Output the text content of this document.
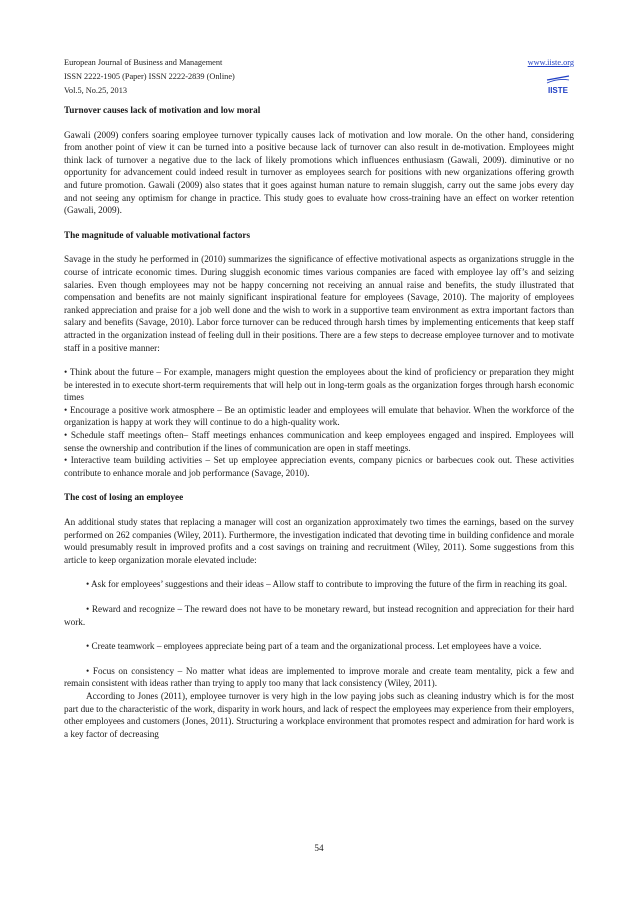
European Journal of Business and Management
ISSN 2222-1905 (Paper) ISSN 2222-2839 (Online)
Vol.5, No.25, 2013
www.iiste.org
IISTE
Turnover causes lack of motivation and low moral

Gawali (2009) confers soaring employee turnover typically causes lack of motivation and low morale. On the other hand, considering from another point of view it can be turned into a positive because lack of turnover can also result in de-motivation. Employees might think lack of turnover a negative due to the lack of likely promotions which influences enthusiasm (Gawali, 2009). diminutive or no opportunity for advancement could indeed result in turnover as employees search for positions with new organizations offering growth and future promotion. Gawali (2009) also states that it goes against human nature to remain sluggish, carry out the same jobs every day and not seeing any optimism for change in practice. This study goes to evaluate how cross-training have an effect on worker retention (Gawali, 2009).

The magnitude of valuable motivational factors

Savage in the study he performed in (2010) summarizes the significance of effective motivational aspects as organizations struggle in the course of intricate economic times. During sluggish economic times various companies are faced with employee lay off’s and seizing salaries. Even though employees may not be happy concerning not receiving an annual raise and benefits, the study illustrated that compensation and benefits are not mainly significant inspirational feature for employees (Savage, 2010). The majority of employees ranked appreciation and praise for a job well done and the wish to work in a supportive team environment as extra important factors than salary and benefits (Savage, 2010). Labor force turnover can be reduced through harsh times by implementing enticements that keep staff attracted in the organization instead of feeling dull in their positions. There are a few steps to decrease employee turnover and to motivate staff in a positive manner:

• Think about the future – For example, managers might question the employees about the kind of proficiency or preparation they might be interested in to execute short-term requirements that will help out in long-term goals as the organization forges through harsh economic times

• Encourage a positive work atmosphere – Be an optimistic leader and employees will emulate that behavior. When the workforce of the organization is happy at work they will continue to do a high-quality work.

• Schedule staff meetings often– Staff meetings enhances communication and keep employees engaged and inspired. Employees will sense the ownership and contribution if the lines of communication are open in staff meetings.

• Interactive team building activities – Set up employee appreciation events, company picnics or barbecues cook out. These activities contribute to enhance morale and job performance (Savage, 2010).

The cost of losing an employee

An additional study states that replacing a manager will cost an organization approximately two times the earnings, based on the survey performed on 262 companies (Wiley, 2011). Furthermore, the investigation indicated that devoting time in building confidence and morale would presumably result in improved profits and a cost savings on training and recruitment (Wiley, 2011). Some suggestions from this article to keep organization morale elevated include:

• Ask for employees’ suggestions and their ideas – Allow staff to contribute to improving the future of the firm in reaching its goal.

• Reward and recognize – The reward does not have to be monetary reward, but instead recognition and appreciation for their hard work.

• Create teamwork – employees appreciate being part of a team and the organizational process. Let employees have a voice.

• Focus on consistency – No matter what ideas are implemented to improve morale and create team mentality, pick a few and remain consistent with ideas rather than trying to apply too many that lack consistency (Wiley, 2011).

According to Jones (2011), employee turnover is very high in the low paying jobs such as cleaning industry which is for the most part due to the characteristic of the work, disparity in work hours, and lack of respect the employees may experience from their employers, other employees and customers (Jones, 2011). Structuring a workplace environment that promotes respect and admiration for hard work is a key factor of decreasing

54
